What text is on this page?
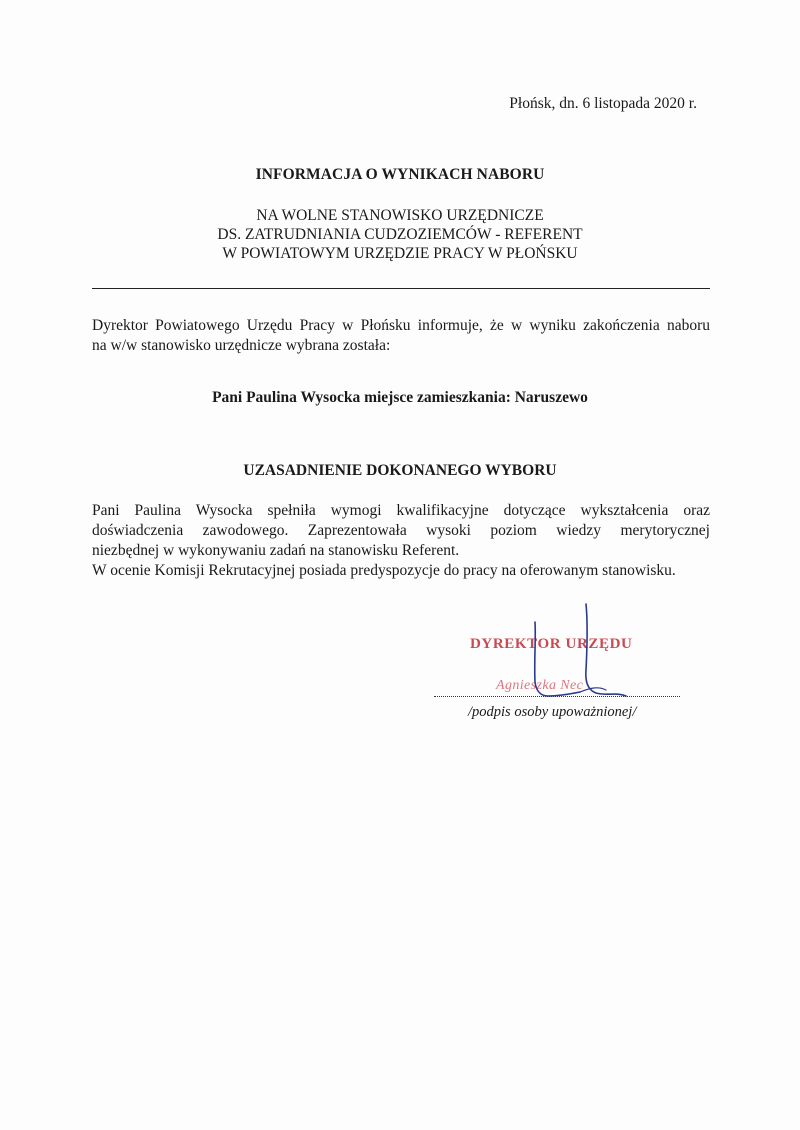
Płońsk, dn. 6 listopada 2020 r.
INFORMACJA O WYNIKACH NABORU
NA WOLNE STANOWISKO URZĘDNICZE
DS. ZATRUDNIANIA CUDZOZIEMCÓW - REFERENT
W POWIATOWYM URZĘDZIE PRACY W PŁOŃSKU
Dyrektor Powiatowego Urzędu Pracy w Płońsku informuje, że w wyniku zakończenia naboru
na w/w stanowisko urzędnicze wybrana została:
Pani Paulina Wysocka miejsce zamieszkania: Naruszewo
UZASADNIENIE DOKONANEGO WYBORU
Pani Paulina Wysocka spełniła wymogi kwalifikacyjne dotyczące wykształcenia oraz
doświadczenia zawodowego. Zaprezentowała wysoki poziom wiedzy merytorycznej
niezbędnej w wykonywaniu zadań na stanowisku Referent.
W ocenie Komisji Rekrutacyjnej posiada predyspozycje do pracy na oferowanym stanowisku.
DYREKTOR URZĘDU
Agnieszka Nec
/podpis osoby upoważnionej/
